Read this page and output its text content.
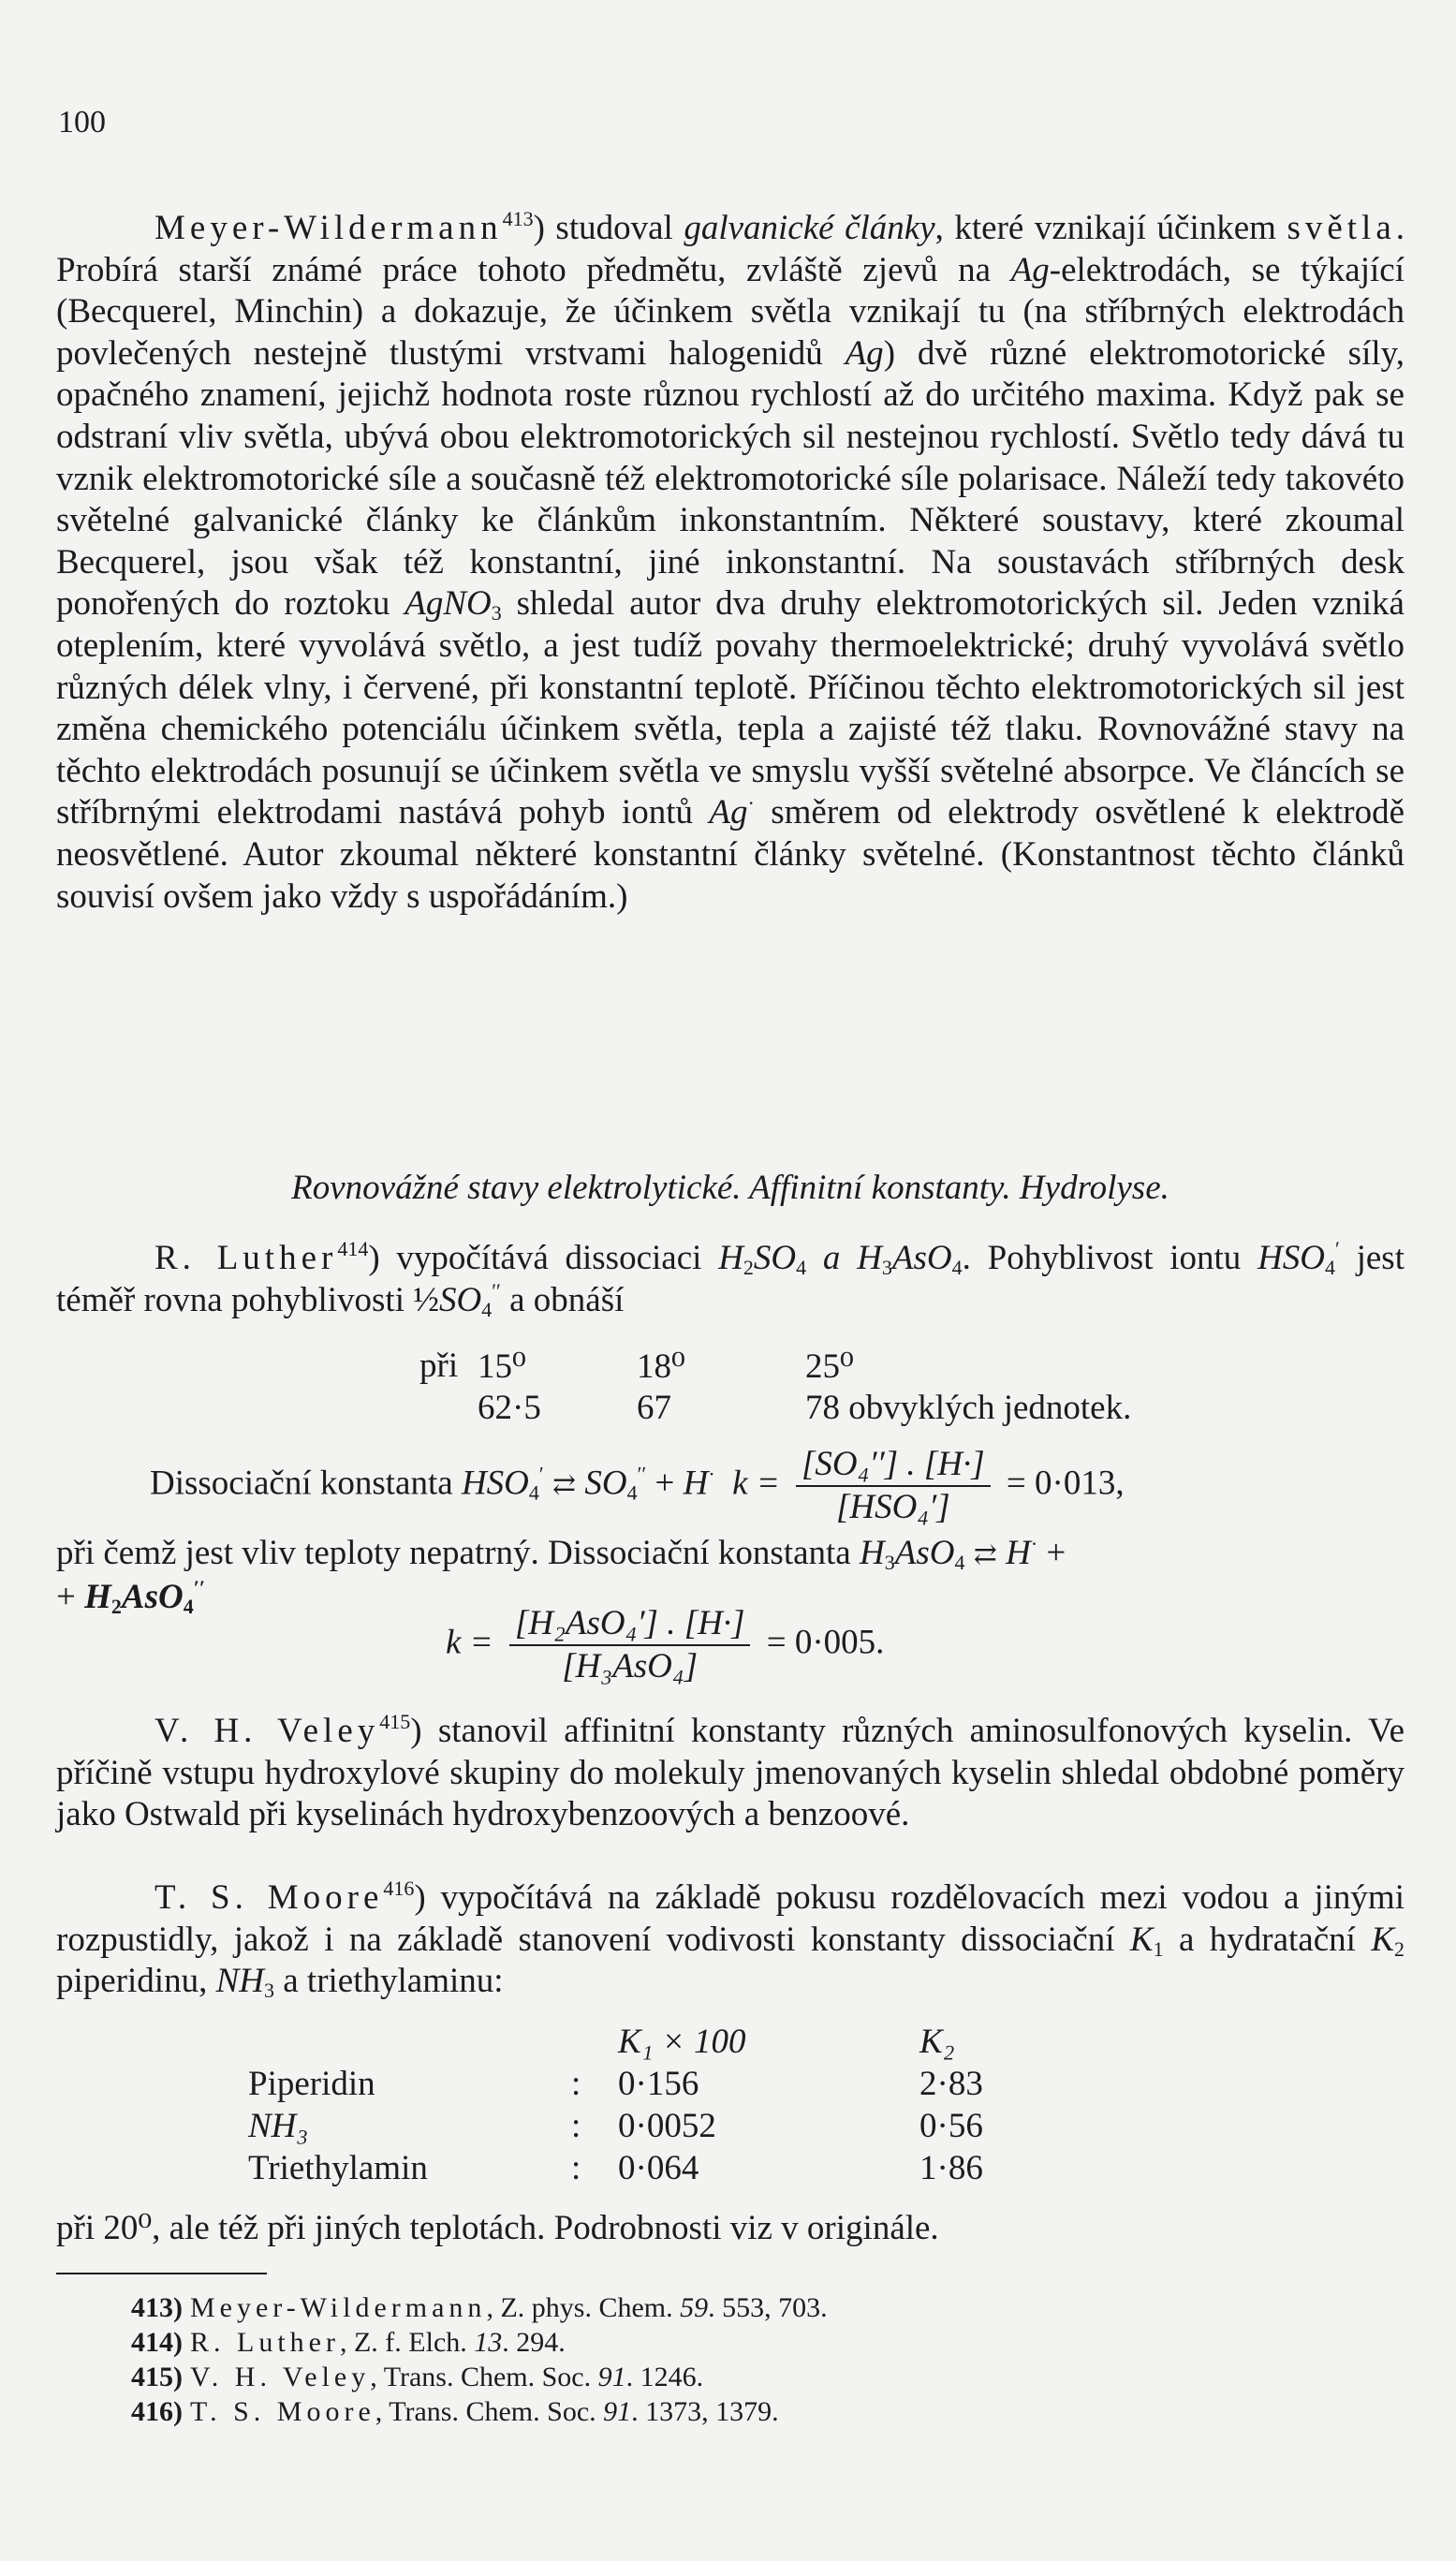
100
Meyer-Wildermann$^{413}$) studoval galvanické články, které vznikají účinkem světla. Probírá starší známé práce tohoto předmětu, zvláště zjevů na Ag-elektrodách, se týkající (Becquerel, Minchin) a dokazuje, že účinkem světla vznikají tu (na stříbrných elektrodách povlečených nestejně tlustými vrstvami halogenidů Ag) dvě různé elektromotorické síly, opačného znamení, jejichž hodnota roste různou rychlostí až do určitého maxima. Když pak se odstraní vliv světla, ubývá obou elektromotorických sil nestejnou rychlostí. Světlo tedy dává tu vznik elektromotorické síle a současně též elektromotorické síle polarisace. Náleží tedy takovéto světelné galvanické články ke článkům inkonstantním. Některé soustavy, které zkoumal Becquerel, jsou však též konstantní, jiné inkonstantní. Na soustavách stříbrných desk ponořených do roztoku AgNO$_3$ shledal autor dva druhy elektromotorických sil. Jeden vzniká oteplením, které vyvolává světlo, a jest tudíž povahy thermoelektrické; druhý vyvolává světlo různých délek vlny, i červené, při konstantní teplotě. Příčinou těchto elektromotorických sil jest změna chemického potenciálu účinkem světla, tepla a zajisté též tlaku. Rovnovážné stavy na těchto elektrodách posunují se účinkem světla ve smyslu vyšší světelné absorpce. Ve článcích se stříbrnými elektrodami nastává pohyb iontů Ag· směrem od elektrody osvětlené k elektrodě neosvětlené. Autor zkoumal některé konstantní články světelné. (Konstantnost těchto článků souvisí ovšem jako vždy s uspořádáním.)
Rovnovážné stavy elektrolytické. Affinitní konstanty. Hydrolyse.
R. Luther$^{414}$) vypočítává dissociaci $H_2SO_4$ a $H_3AsO_4$. Pohyblivost iontu $HSO_4'$ jest téměř rovna pohyblivosti $\frac{1}{2}SO_4''$ a obnáší
při	15⁰	18⁰	25⁰
	62·5	67	78 obvyklých jednotek.
Dissociační konstanta $HSO_4'$ ⇄ $SO_4'' + H^\cdot$ $k = \frac{\text{[SO₄′′] . [H·]}}{\text{[HSO₄′]}} = 0\cdot 013$,
při čemž jest vliv teploty nepatrný. Dissociační konstanta $H_3AsO_4$ ⇄ H· +
+ $H_2AsO_4''$
$k = \frac{\text{[H₂AsO₄′] . [H·]}}{\text{[H₃AsO₄]}} = 0\cdot 005$.
V. H. Veley$^{415}$) stanovil affinitní konstanty různých aminosulfonových kyselin. Ve příčině vstupu hydroxylové skupiny do molekuly jmenovaných kyselin shledal obdobné poměry jako Ostwald při kyselinách hydroxybenzoových a benzoové.
T. S. Moore$^{416}$) vypočítává na základě pokusu rozdělovacích mezi vodou a jinými rozpustidly, jakož i na základě stanovení vodivosti konstanty dissociační $K_1$ a hydratační $K_2$ piperidinu, $NH_3$ a triethylaminu:
		K₁ × 100	K₂
Piperidin	:	0·156	2·83
NH₃	:	0·0052	0·56
Triethylamin	:	0·064	1·86
při 20⁰, ale též při jiných teplotách. Podrobnosti viz v originále.
413) Meyer-Wildermann, Z. phys. Chem. 59. 553, 703.
414) R. Luther, Z. f. Elch. 13. 294.
415) V. H. Veley, Trans. Chem. Soc. 91. 1246.
416) T. S. Moore, Trans. Chem. Soc. 91. 1373, 1379.
